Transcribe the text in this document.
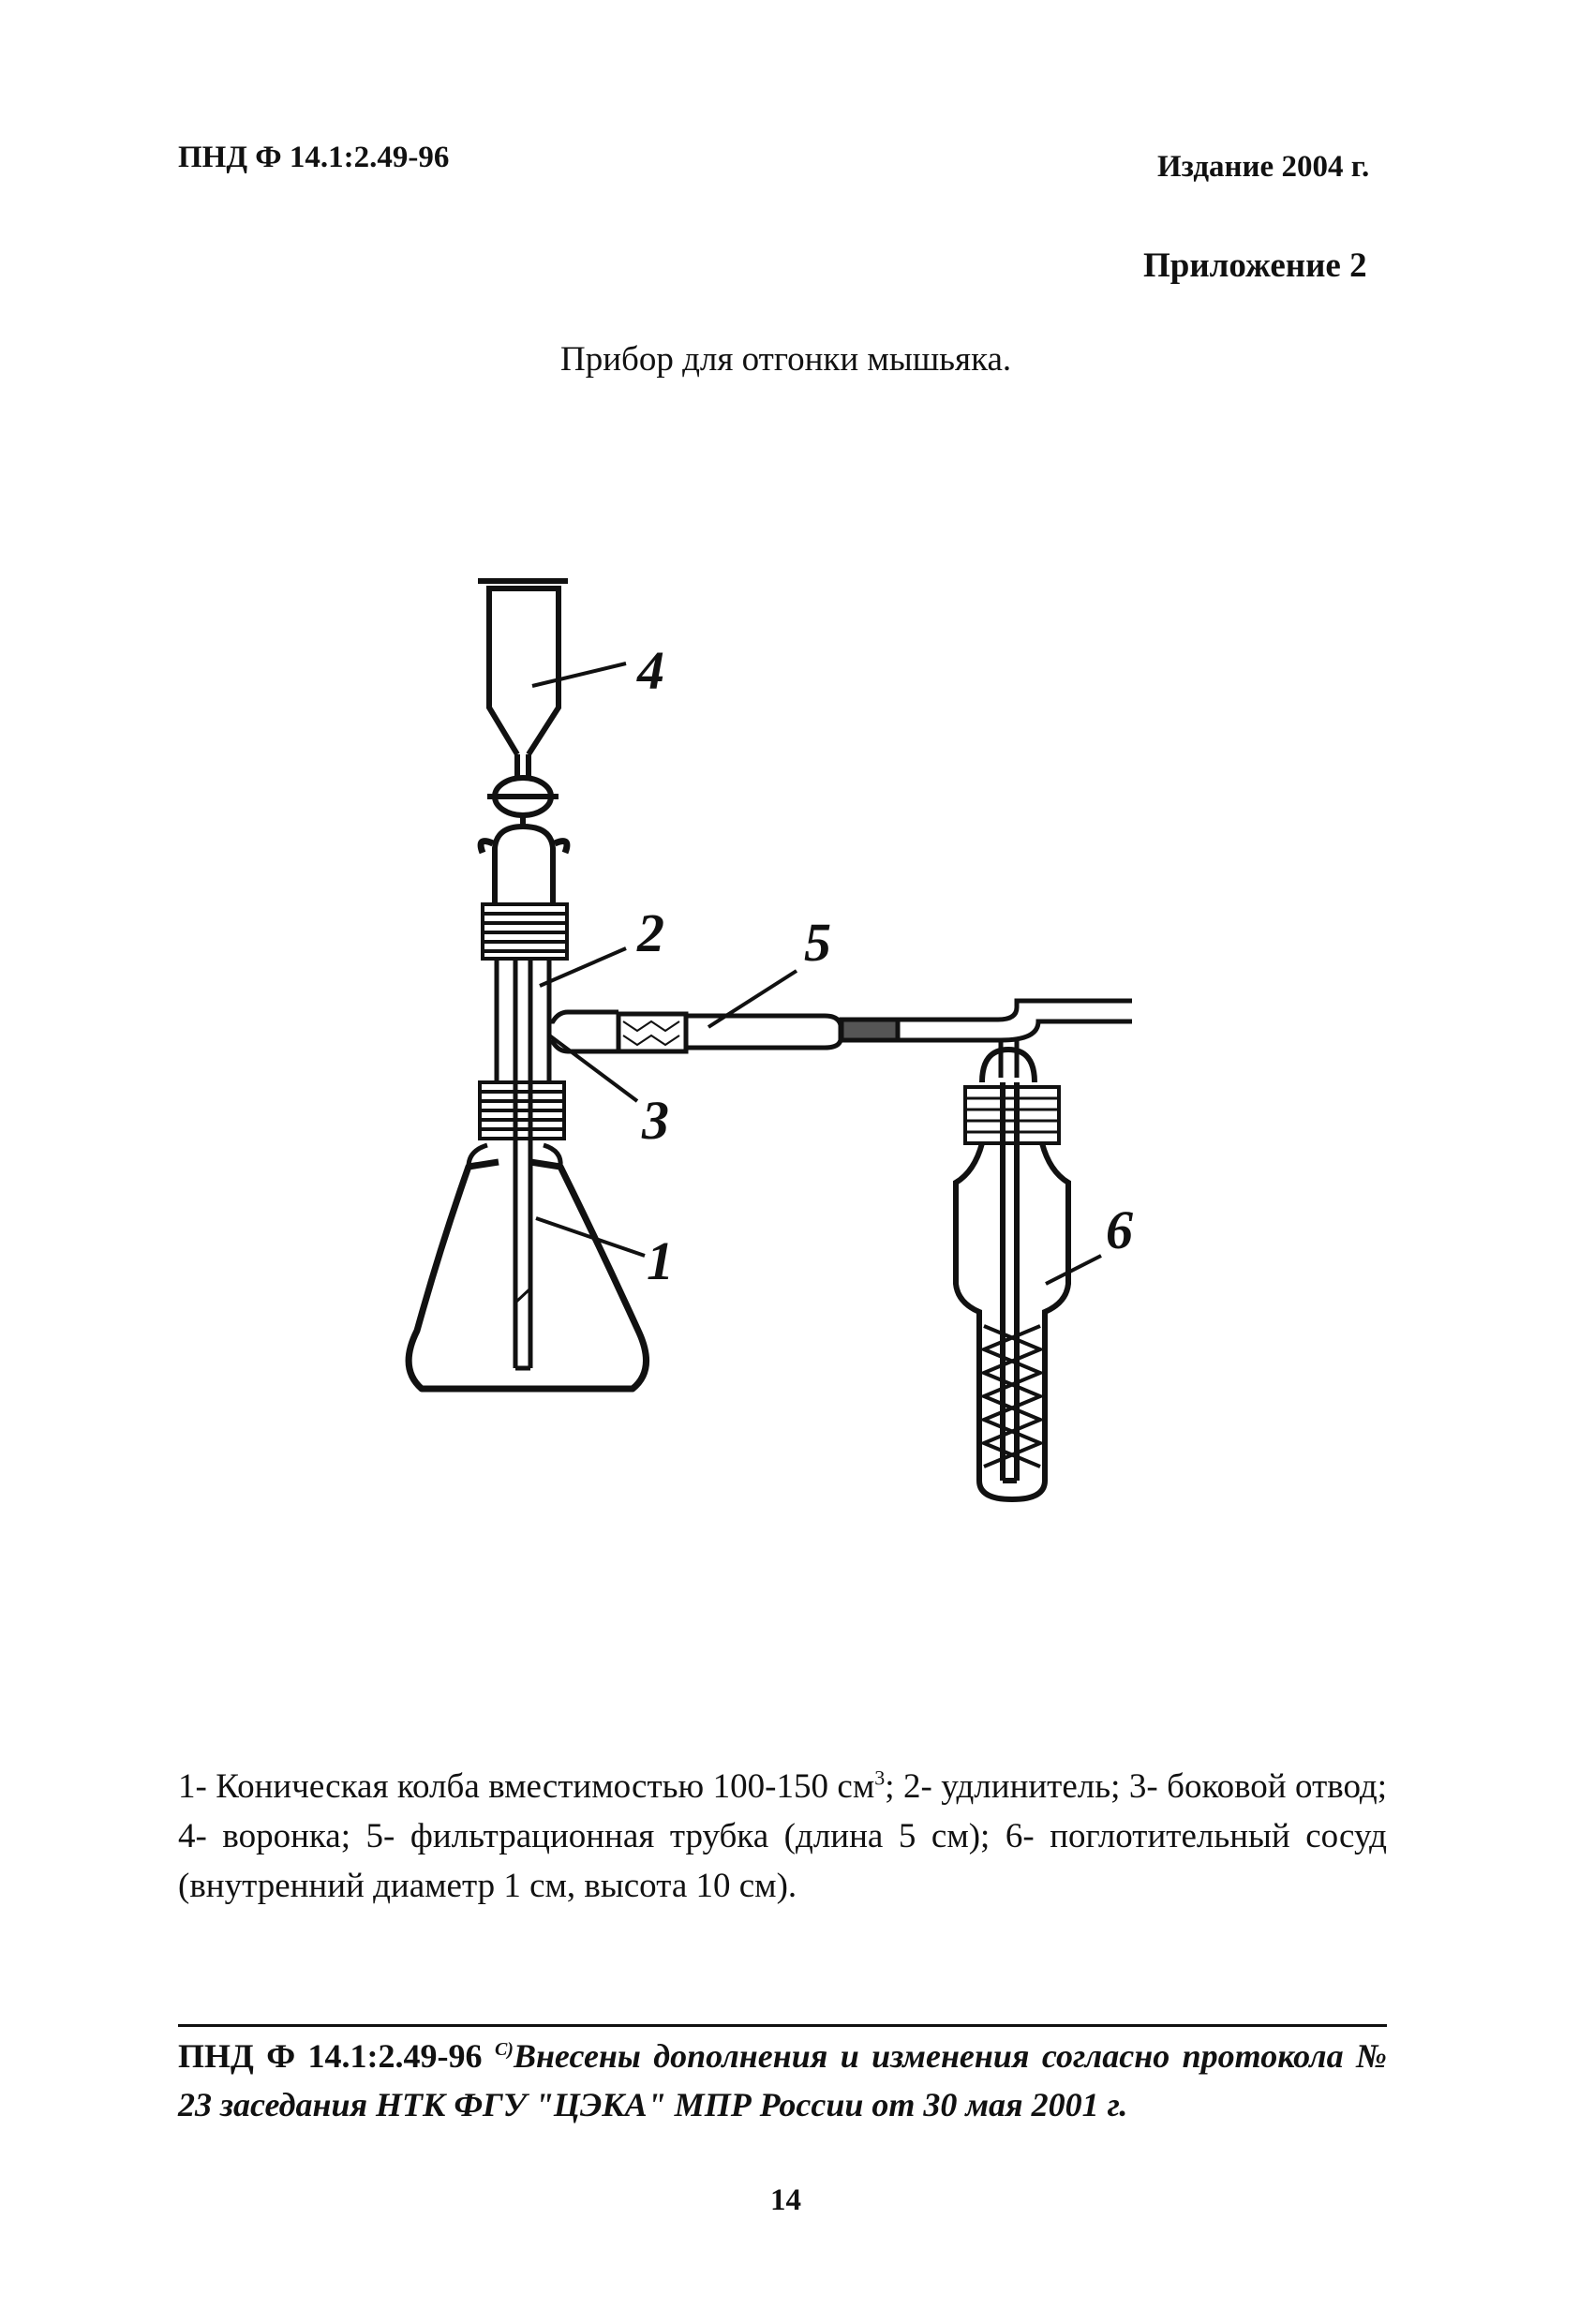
ПНД Ф 14.1:2.49-96	Издание 2004 г.
Приложение 2
Прибор для отгонки мышьяка.
1
2
3
4
5
6
1- Коническая колба вместимостью 100-150 $см^3$; 2- удлинитель; 3- боковой отвод; 4- воронка; 5- фильтрационная трубка (длина 5 см); 6- поглотительный сосуд (внутренний диаметр 1 см, высота 10 см).
ПНД Ф 14.1:2.49-96 $^{С)}$Внесены дополнения и изменения согласно протокола № 23 заседания НТК ФГУ "ЦЭКА" МПР России от 30 мая 2001 г.
14
